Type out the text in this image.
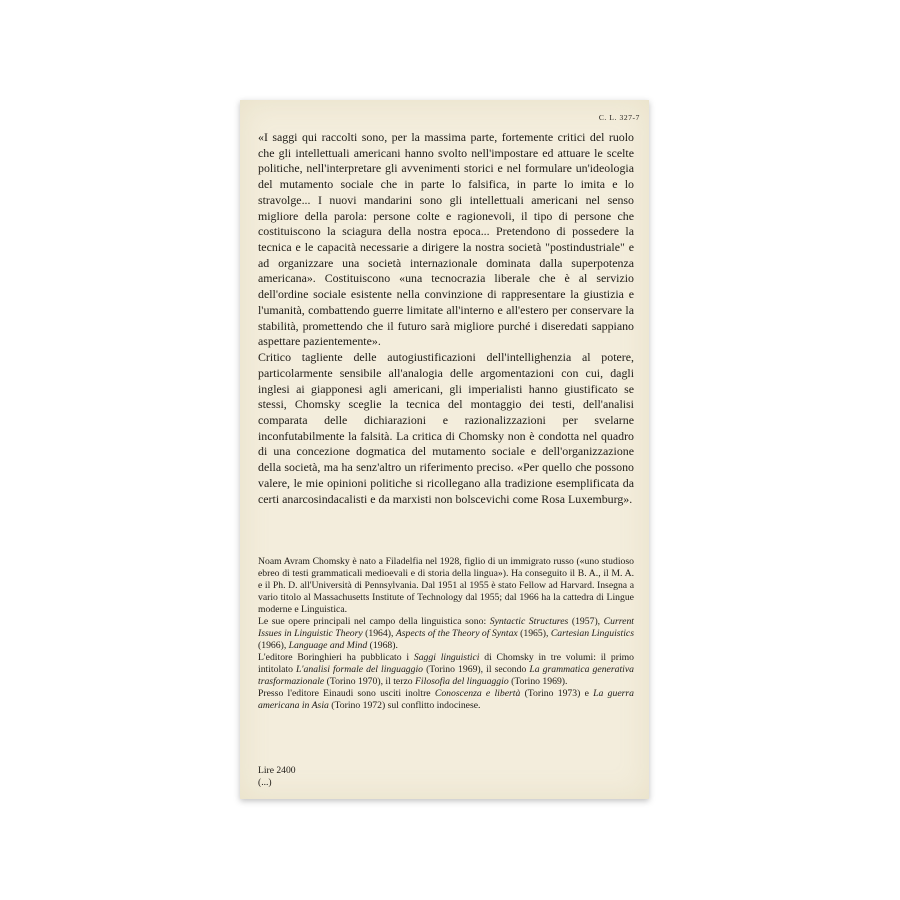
C. L. 327-7

«I saggi qui raccolti sono, per la massima parte, fortemente critici del ruolo che gli intellettuali americani hanno svolto nell'impostare ed attuare le scelte politiche, nell'interpretare gli avvenimenti storici e nel formulare un'ideologia del mutamento sociale che in parte lo falsifica, in parte lo imita e lo stravolge... I nuovi mandarini sono gli intellettuali americani nel senso migliore della parola: persone colte e ragionevoli, il tipo di persone che costituiscono la sciagura della nostra epoca... Pretendono di possedere la tecnica e le capacità necessarie a dirigere la nostra società "postindustriale" e ad organizzare una società internazionale dominata dalla superpotenza americana». Costituiscono «una tecnocrazia liberale che è al servizio dell'ordine sociale esistente nella convinzione di rappresentare la giustizia e l'umanità, combattendo guerre limitate all'interno e all'estero per conservare la stabilità, promettendo che il futuro sarà migliore purché i diseredati sappiano aspettare pazientemente».

Critico tagliente delle autogiustificazioni dell'intellighenzia al potere, particolarmente sensibile all'analogia delle argomentazioni con cui, dagli inglesi ai giapponesi agli americani, gli imperialisti hanno giustificato se stessi, Chomsky sceglie la tecnica del montaggio dei testi, dell'analisi comparata delle dichiarazioni e razionalizzazioni per svelarne inconfutabilmente la falsità. La critica di Chomsky non è condotta nel quadro di una concezione dogmatica del mutamento sociale e dell'organizzazione della società, ma ha senz'altro un riferimento preciso. «Per quello che possono valere, le mie opinioni politiche si ricollegano alla tradizione esemplificata da certi anarcosindacalisti e da marxisti non bolscevichi come Rosa Luxemburg».

Noam Avram Chomsky è nato a Filadelfia nel 1928, figlio di un immigrato russo («uno studioso ebreo di testi grammaticali medioevali e di storia della lingua»). Ha conseguito il B. A., il M. A. e il Ph. D. all'Università di Pennsylvania. Dal 1951 al 1955 è stato Fellow ad Harvard. Insegna a vario titolo al Massachusetts Institute of Technology dal 1955; dal 1966 ha la cattedra di Lingue moderne e Linguistica.

Le sue opere principali nel campo della linguistica sono: Syntactic Structures (1957), Current Issues in Linguistic Theory (1964), Aspects of the Theory of Syntax (1965), Cartesian Linguistics (1966), Language and Mind (1968).

L'editore Boringhieri ha pubblicato i Saggi linguistici di Chomsky in tre volumi: il primo intitolato L'analisi formale del linguaggio (Torino 1969), il secondo La grammatica generativa trasformazionale (Torino 1970), il terzo Filosofia del linguaggio (Torino 1969).

Presso l'editore Einaudi sono usciti inoltre Conoscenza e libertà (Torino 1973) e La guerra americana in Asia (Torino 1972) sul conflitto indocinese.

Lire 2400
(...)
